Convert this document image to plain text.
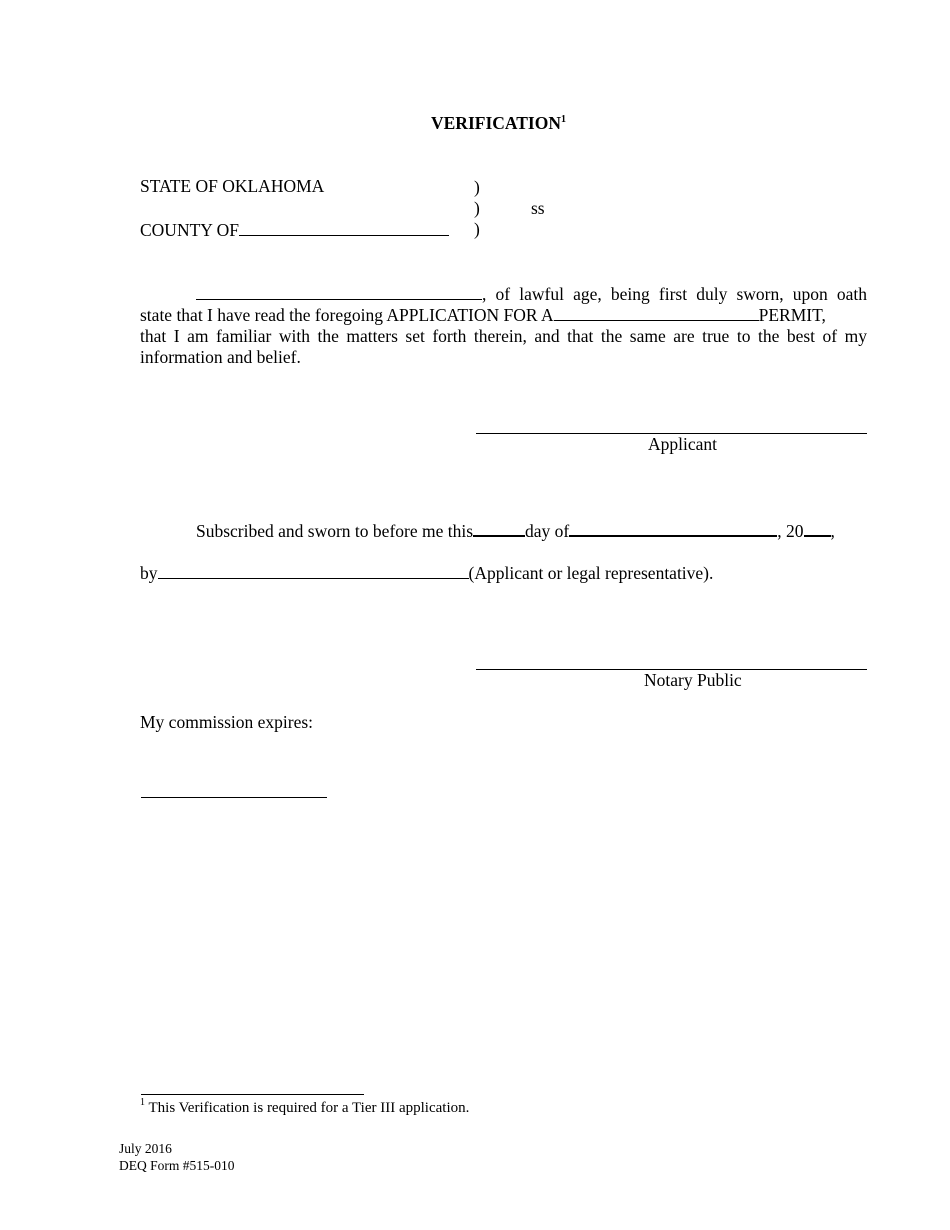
VERIFICATION$^1$
STATE OF OKLAHOMA
COUNTY OF
)
)
)
ss
, of lawful age, being first duly sworn, upon oath
state that I have read the foregoing APPLICATION FOR A	PERMIT,
that I am familiar with the matters set forth therein, and that the same are true to the best of my
information and belief.
Applicant
Subscribed and sworn to before me this	day of	, 20 ,
by	(Applicant or legal representative).
Notary Public
My commission expires:
$^1$ This Verification is required for a Tier III application.
July 2016
DEQ Form #515-010
